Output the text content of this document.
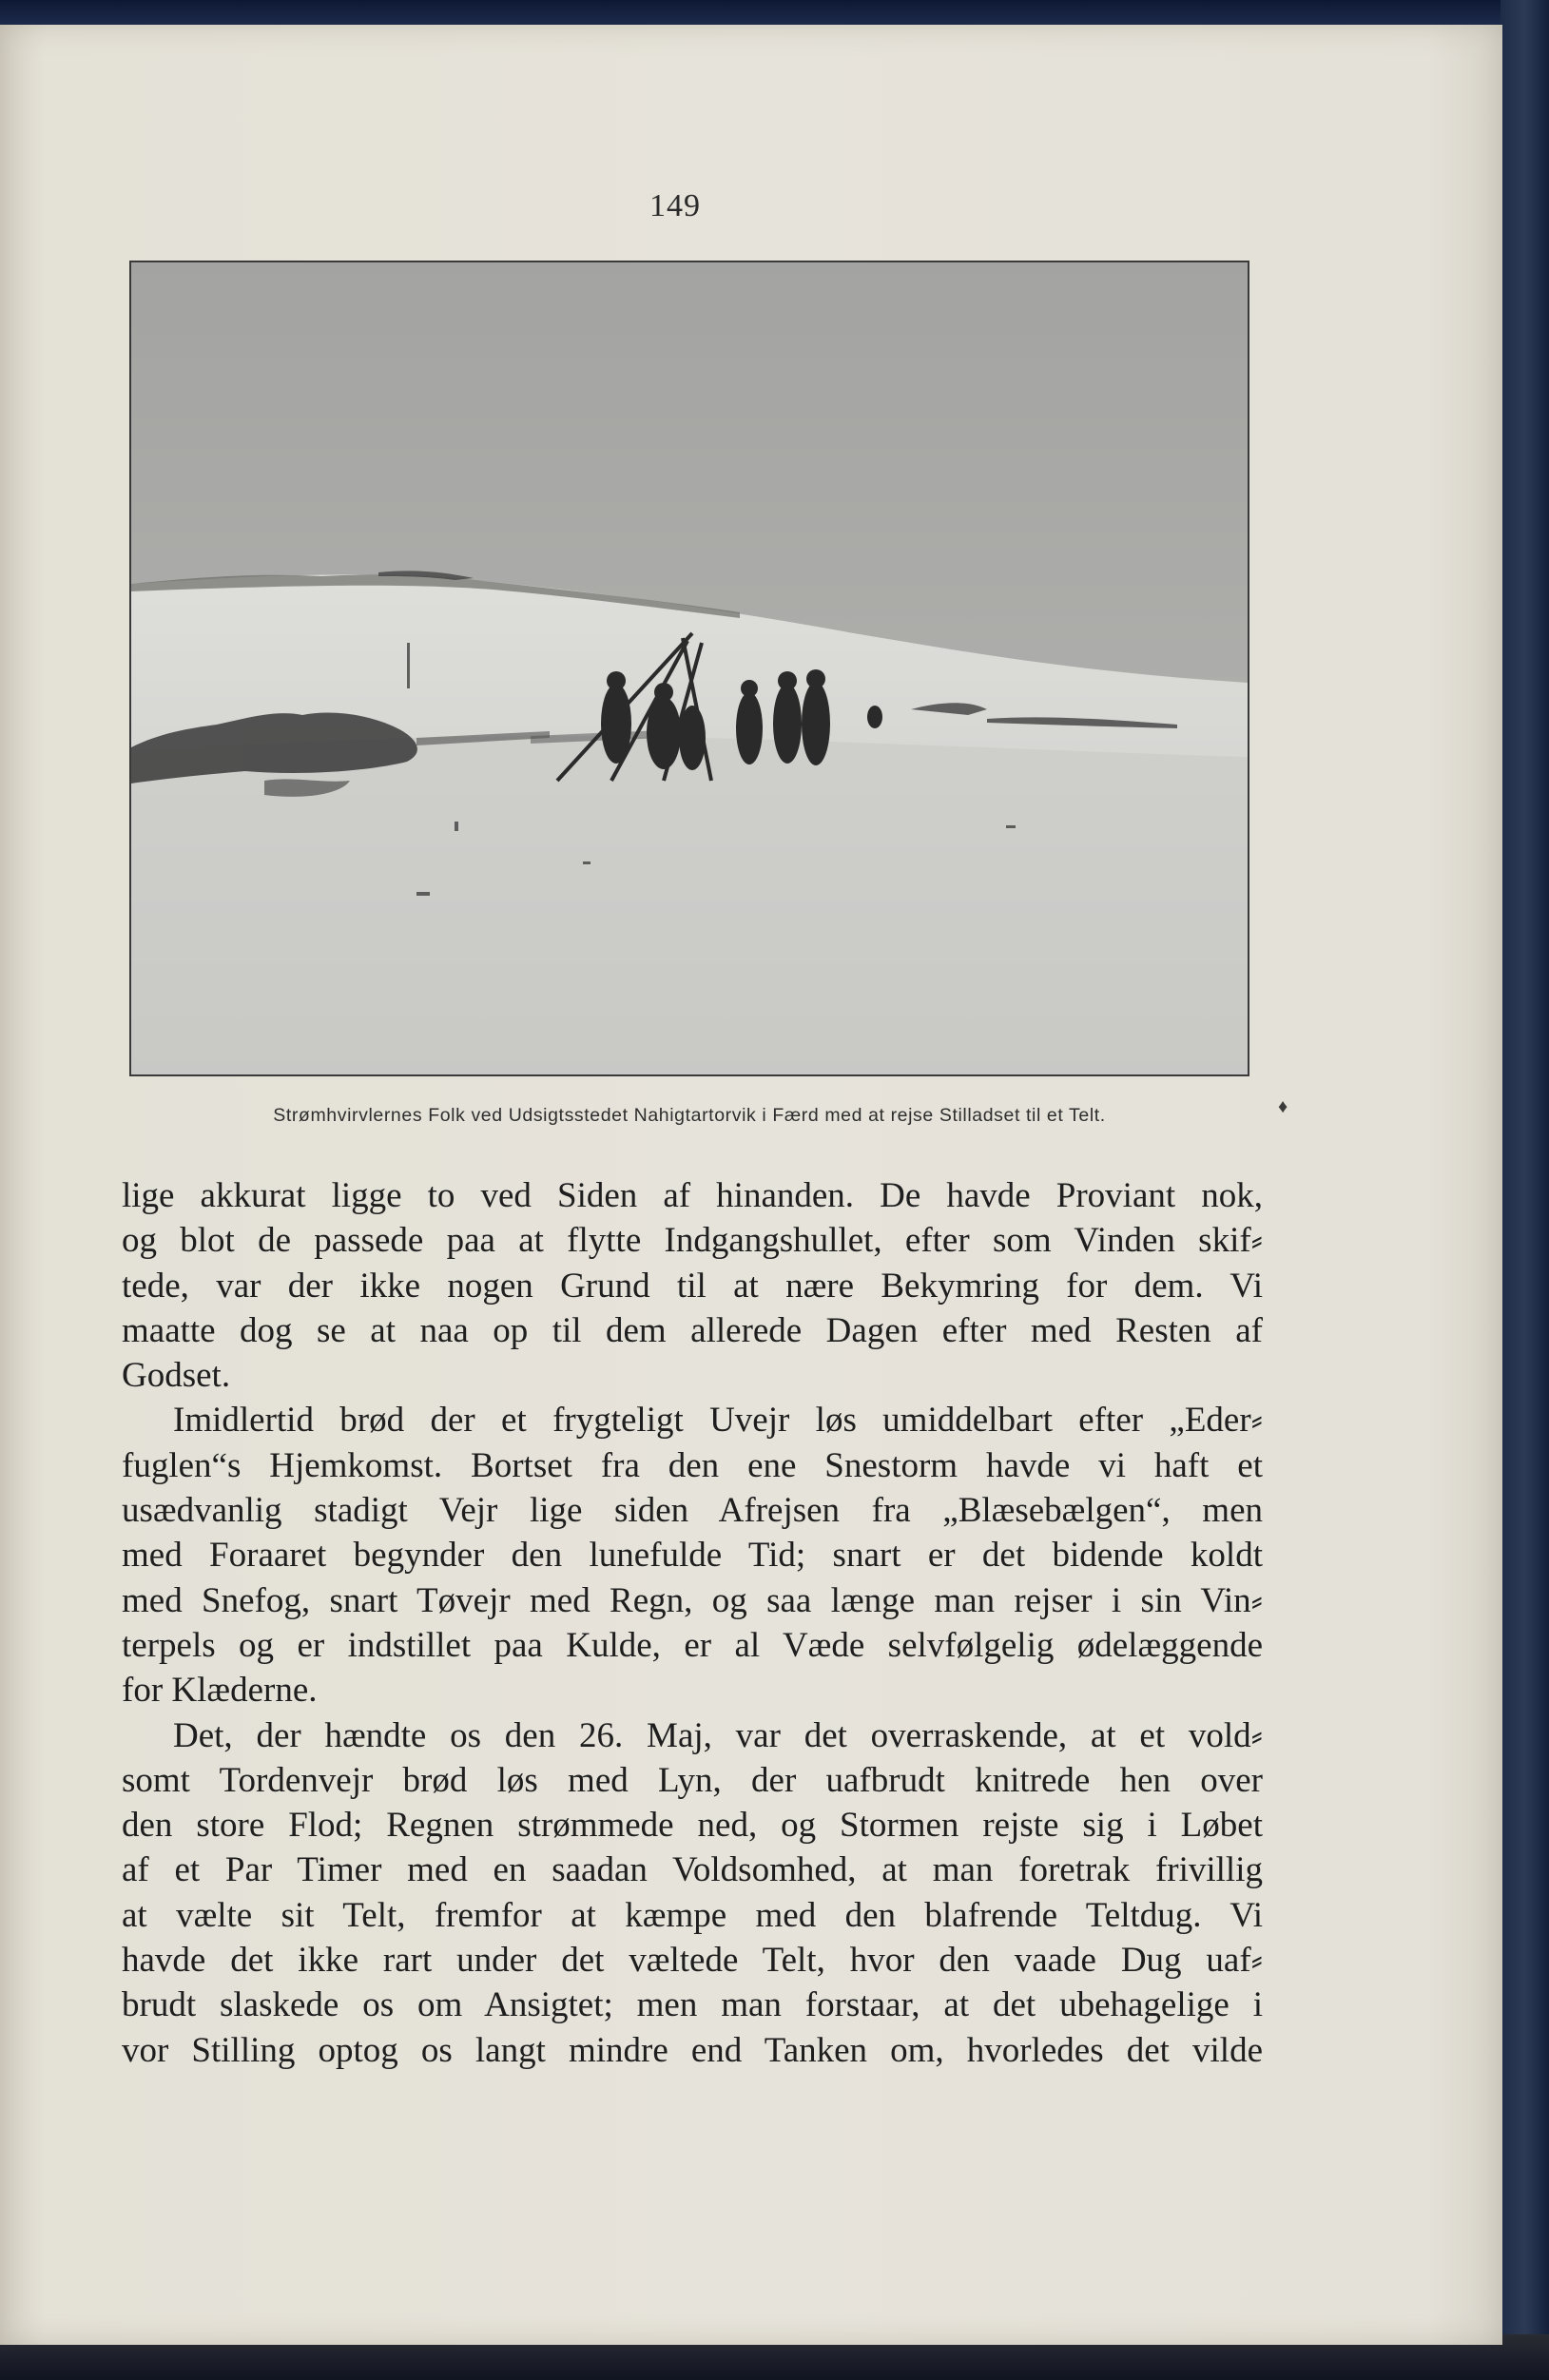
149
Strømhvirvlernes Folk ved Udsigtsstedet Nahigtartorvik i Færd med at rejse Stilladset til et Telt.	♦

lige akkurat ligge to ved Siden af hinanden. De havde Proviant nok,
og blot de passede paa at flytte Indgangshullet, efter som Vinden skif⸗
tede, var der ikke nogen Grund til at nære Bekymring for dem. Vi
maatte dog se at naa op til dem allerede Dagen efter med Resten af
Godset.

Imidlertid brød der et frygteligt Uvejr løs umiddelbart efter „Eder⸗
fuglen“s Hjemkomst. Bortset fra den ene Snestorm havde vi haft et
usædvanlig stadigt Vejr lige siden Afrejsen fra „Blæsebælgen“, men
med Foraaret begynder den lunefulde Tid; snart er det bidende koldt
med Snefog, snart Tøvejr med Regn, og saa længe man rejser i sin Vin⸗
terpels og er indstillet paa Kulde, er al Væde selvfølgelig ødelæggende
for Klæderne.

Det, der hændte os den 26. Maj, var det overraskende, at et vold⸗
somt Tordenvejr brød løs med Lyn, der uafbrudt knitrede hen over
den store Flod; Regnen strømmede ned, og Stormen rejste sig i Løbet
af et Par Timer med en saadan Voldsomhed, at man foretrak frivillig
at vælte sit Telt, fremfor at kæmpe med den blafrende Teltdug. Vi
havde det ikke rart under det væltede Telt, hvor den vaade Dug uaf⸗
brudt slaskede os om Ansigtet; men man forstaar, at det ubehagelige i
vor Stilling optog os langt mindre end Tanken om, hvorledes det vilde
